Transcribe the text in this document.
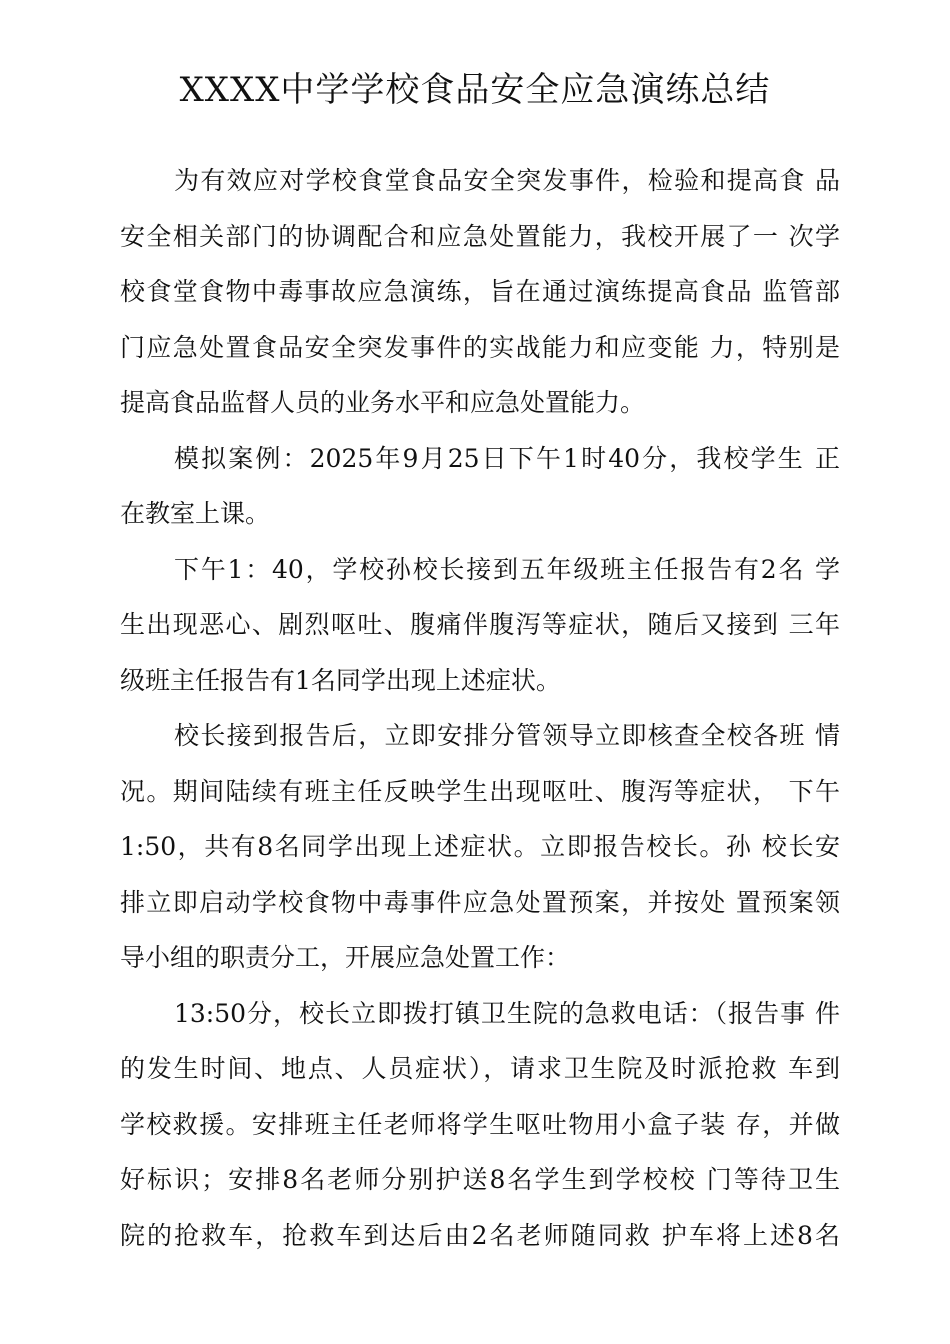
XXXX中学学校食品安全应急演练总结
为有效应对学校食堂食品安全突发事件，检验和提高食 品
安全相关部门的协调配合和应急处置能力，我校开展了一 次学
校食堂食物中毒事故应急演练，旨在通过演练提高食品 监管部
门应急处置食品安全突发事件的实战能力和应变能 力，特别是
提高食品监督人员的业务水平和应急处置能力。
模拟案例：2025年9月25日下午1时40分，我校学生 正
在教室上课。
下午1：40，学校孙校长接到五年级班主任报告有2名 学
生出现恶心、剧烈呕吐、腹痛伴腹泻等症状，随后又接到 三年
级班主任报告有1名同学出现上述症状。
校长接到报告后，立即安排分管领导立即核查全校各班 情
况。期间陆续有班主任反映学生出现呕吐、腹泻等症状， 下午
1:50，共有8名同学出现上述症状。立即报告校长。孙 校长安
排立即启动学校食物中毒事件应急处置预案，并按处 置预案领
导小组的职责分工，开展应急处置工作：
13:50分，校长立即拨打镇卫生院的急救电话：（报告事 件
的发生时间、地点、人员症状），请求卫生院及时派抢救 车到
学校救援。安排班主任老师将学生呕吐物用小盒子装 存，并做
好标识；安排8名老师分别护送8名学生到学校校 门等待卫生
院的抢救车，抢救车到达后由2名老师随同救 护车将上述8名
